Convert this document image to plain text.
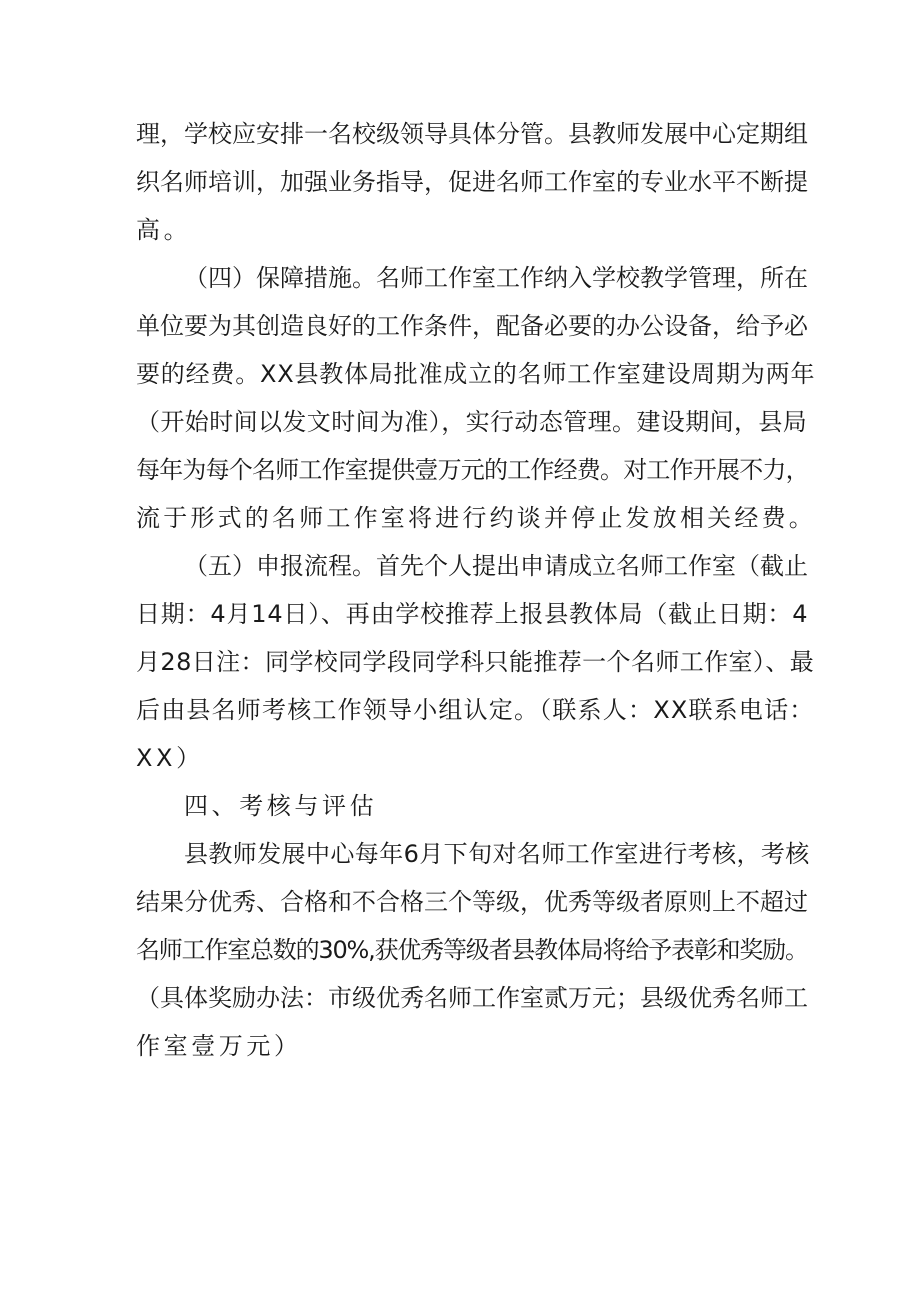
理，学校应安排一名校级领导具体分管。县教师发展中心定期组
织名师培训，加强业务指导，促进名师工作室的专业水平不断提
高。
（四）保障措施。名师工作室工作纳入学校教学管理，所在
单位要为其创造良好的工作条件，配备必要的办公设备，给予必
要的经费。XX县教体局批准成立的名师工作室建设周期为两年
（开始时间以发文时间为准），实行动态管理。建设期间，县局
每年为每个名师工作室提供壹万元的工作经费。对工作开展不力，
流于形式的名师工作室将进行约谈并停止发放相关经费。
（五）申报流程。首先个人提出申请成立名师工作室（截止
日期：4月14日）、再由学校推荐上报县教体局（截止日期：4
月28日注：同学校同学段同学科只能推荐一个名师工作室）、最
后由县名师考核工作领导小组认定。（联系人：XX联系电话：
XX）
四、考核与评估
县教师发展中心每年6月下旬对名师工作室进行考核，考核
结果分优秀、合格和不合格三个等级，优秀等级者原则上不超过
名师工作室总数的30%,获优秀等级者县教体局将给予表彰和奖励。
（具体奖励办法：市级优秀名师工作室贰万元；县级优秀名师工
作室壹万元）
